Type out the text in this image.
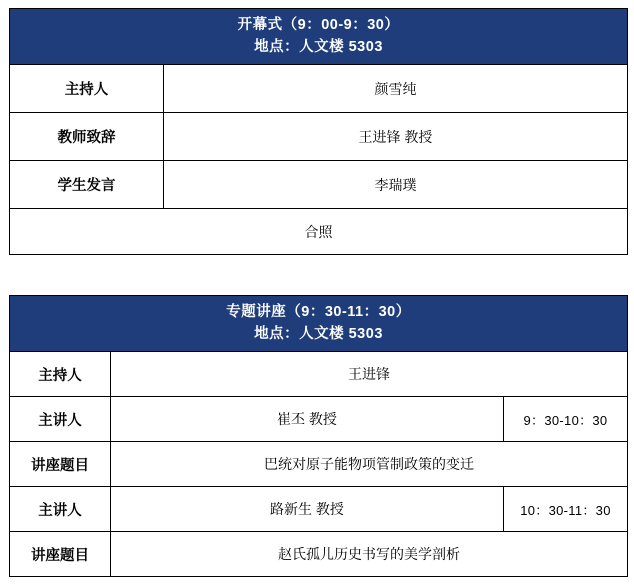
开幕式（9：00-9：30）
地点：人文楼 5303	

主持人	颜雪纯
教师致辞	王进锋 教授
学生发言	李瑞璞
合照	
专题讲座（9：30-11：30）
地点：人文楼 5303		

主持人	王进锋	
主讲人	崔丕 教授	9：30-10：30
讲座题目	巴统对原子能物项管制政策的变迁	
主讲人	路新生 教授	10：30-11：30
讲座题目	赵氏孤儿历史书写的美学剖析	
